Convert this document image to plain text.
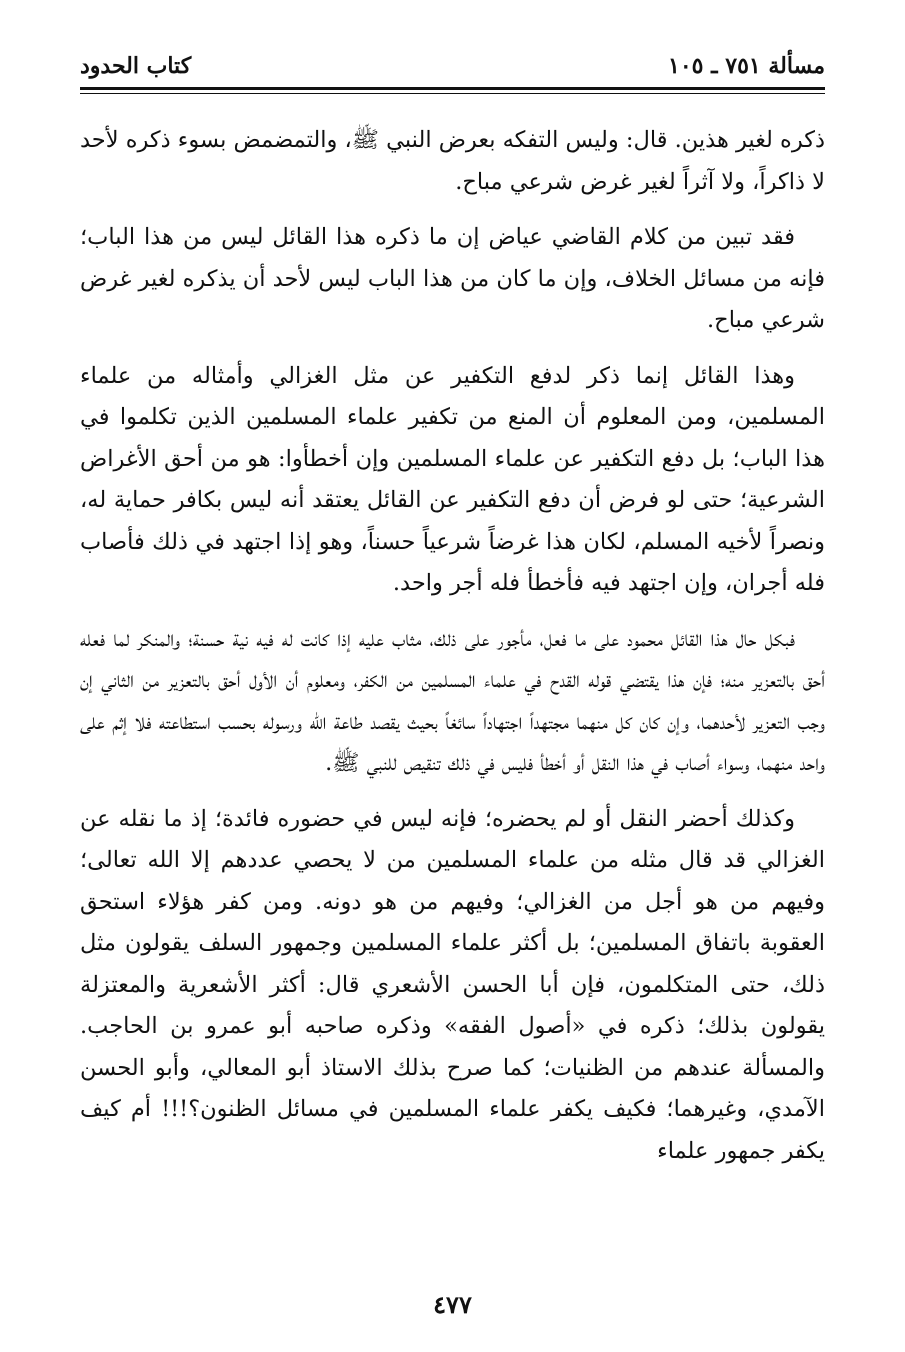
مسألة ٧٥١ ـ ١٠٥
كتاب الحدود

ذكره لغير هذين. قال: وليس التفكه بعرض النبي ﷺ، والتمضمض بسوء ذكره لأحد لا ذاكراً، ولا آثراً لغير غرض شرعي مباح.

فقد تبين من كلام القاضي عياض إن ما ذكره هذا القائل ليس من هذا الباب؛ فإنه من مسائل الخلاف، وإن ما كان من هذا الباب ليس لأحد أن يذكره لغير غرض شرعي مباح.

وهذا القائل إنما ذكر لدفع التكفير عن مثل الغزالي وأمثاله من علماء المسلمين، ومن المعلوم أن المنع من تكفير علماء المسلمين الذين تكلموا في هذا الباب؛ بل دفع التكفير عن علماء المسلمين وإن أخطأوا: هو من أحق الأغراض الشرعية؛ حتى لو فرض أن دفع التكفير عن القائل يعتقد أنه ليس بكافر حماية له، ونصراً لأخيه المسلم، لكان هذا غرضاً شرعياً حسناً، وهو إذا اجتهد في ذلك فأصاب فله أجران، وإن اجتهد فيه فأخطأ فله أجر واحد.

فبكل حال هذا القائل محمود على ما فعل، مأجور على ذلك، مثاب عليه إذا كانت له فيه نية حسنة؛ والمنكر لما فعله أحق بالتعزير منه؛ فإن هذا يقتضي قوله القدح في علماء المسلمين من الكفر، ومعلوم أن الأول أحق بالتعزير من الثاني إن وجب التعزير لأحدهما، وإن كان كل منهما مجتهداً اجتهاداً سائغاً بحيث يقصد طاعة الله ورسوله بحسب استطاعته فلا إثم على واحد منهما، وسواء أصاب في هذا النقل أو أخطأ فليس في ذلك تنقيص للنبي ﷺ.

وكذلك أحضر النقل أو لم يحضره؛ فإنه ليس في حضوره فائدة؛ إذ ما نقله عن الغزالي قد قال مثله من علماء المسلمين من لا يحصي عددهم إلا الله تعالى؛ وفيهم من هو أجل من الغزالي؛ وفيهم من هو دونه. ومن كفر هؤلاء استحق العقوبة باتفاق المسلمين؛ بل أكثر علماء المسلمين وجمهور السلف يقولون مثل ذلك، حتى المتكلمون، فإن أبا الحسن الأشعري قال: أكثر الأشعرية والمعتزلة يقولون بذلك؛ ذكره في «أصول الفقه» وذكره صاحبه أبو عمرو بن الحاجب. والمسألة عندهم من الظنيات؛ كما صرح بذلك الاستاذ أبو المعالي، وأبو الحسن الآمدي، وغيرهما؛ فكيف يكفر علماء المسلمين في مسائل الظنون؟!!! أم كيف يكفر جمهور علماء

٤٧٧
